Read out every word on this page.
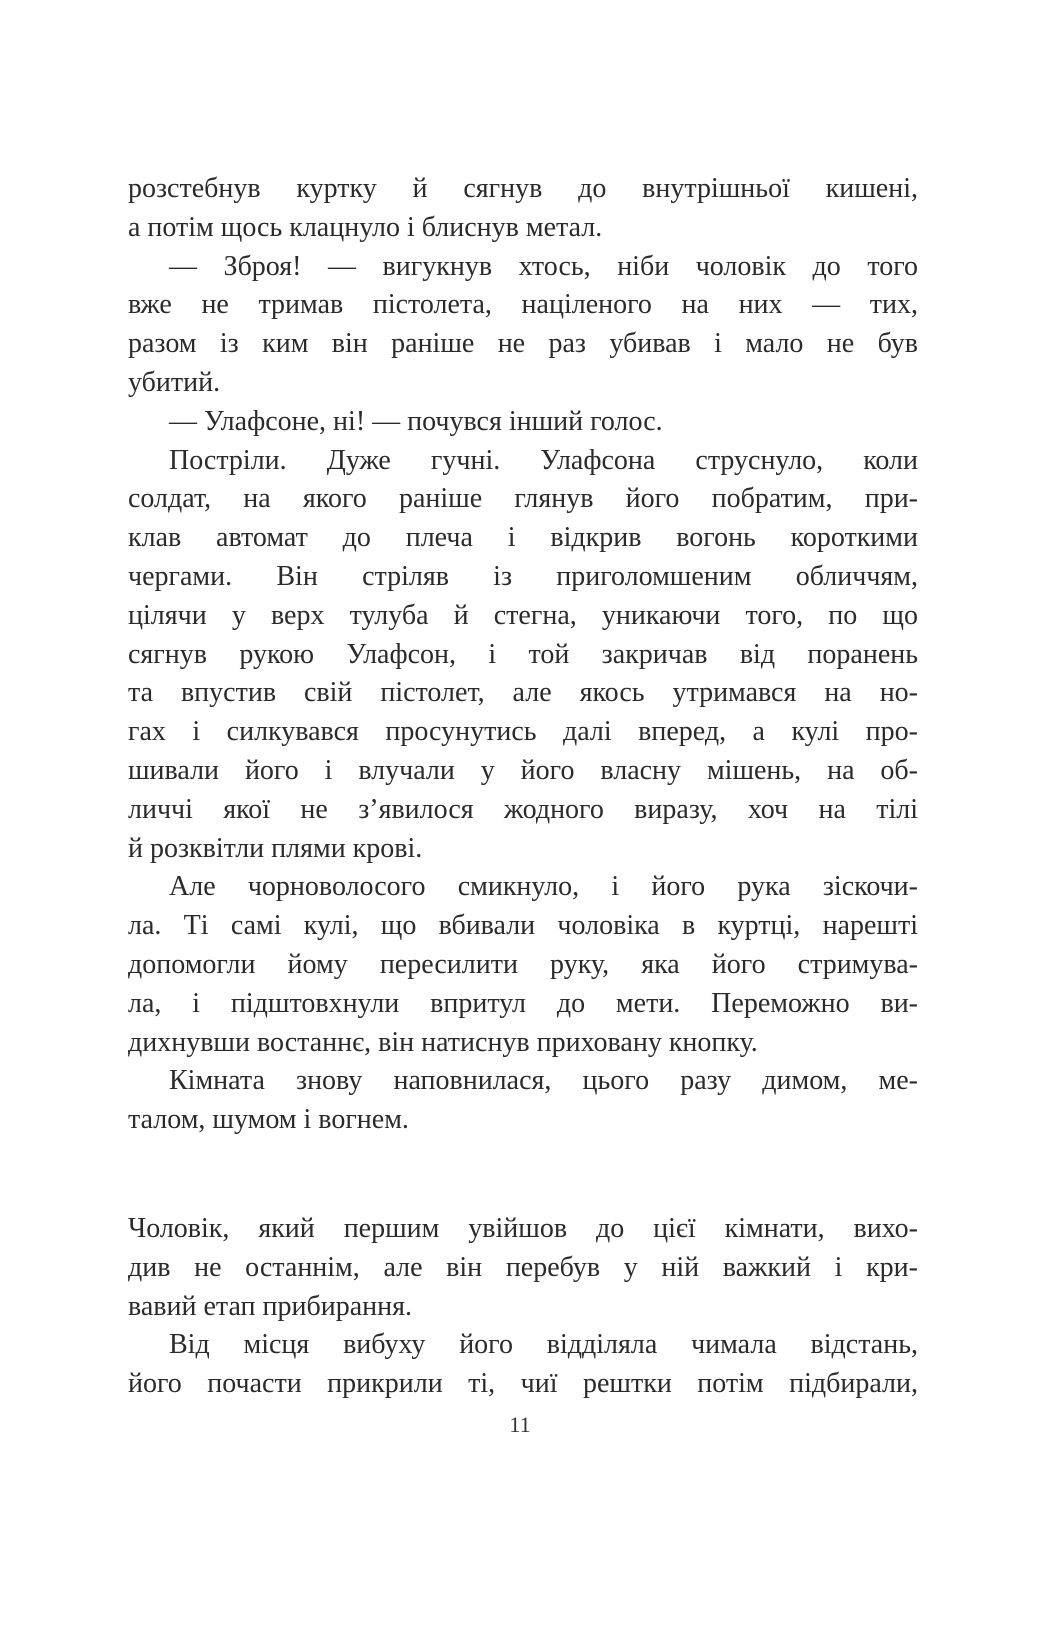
розстебнув куртку й сягнув до внутрішньої кишені,
а потім щось клацнуло і блиснув метал.
— Зброя! — вигукнув хтось, ніби чоловік до того
вже не тримав пістолета, націленого на них — тих,
разом із ким він раніше не раз убивав і мало не був
убитий.
— Улафсоне, ні! — почувся інший голос.
Постріли. Дуже гучні. Улафсона струснуло, коли
солдат, на якого раніше глянув його побратим, при-
клав автомат до плеча і відкрив вогонь короткими
чергами. Він стріляв із приголомшеним обличчям,
цілячи у верх тулуба й стегна, уникаючи того, по що
сягнув рукою Улафсон, і той закричав від поранень
та впустив свій пістолет, але якось утримався на но-
гах і силкувався просунутись далі вперед, а кулі про-
шивали його і влучали у його власну мішень, на об-
личчі якої не з’явилося жодного виразу, хоч на тілі
й розквітли плями крові.
Але чорноволосого смикнуло, і його рука зіскочи-
ла. Ті самі кулі, що вбивали чоловіка в куртці, нарешті
допомогли йому пересилити руку, яка його стримува-
ла, і підштовхнули впритул до мети. Переможно ви-
дихнувши востаннє, він натиснув приховану кнопку.
Кімната знову наповнилася, цього разу димом, ме-
талом, шумом і вогнем.
Чоловік, який першим увійшов до цієї кімнати, вихо-
див не останнім, але він перебув у ній важкий і кри-
вавий етап прибирання.
Від місця вибуху його відділяла чимала відстань,
його почасти прикрили ті, чиї рештки потім підбирали,
11
